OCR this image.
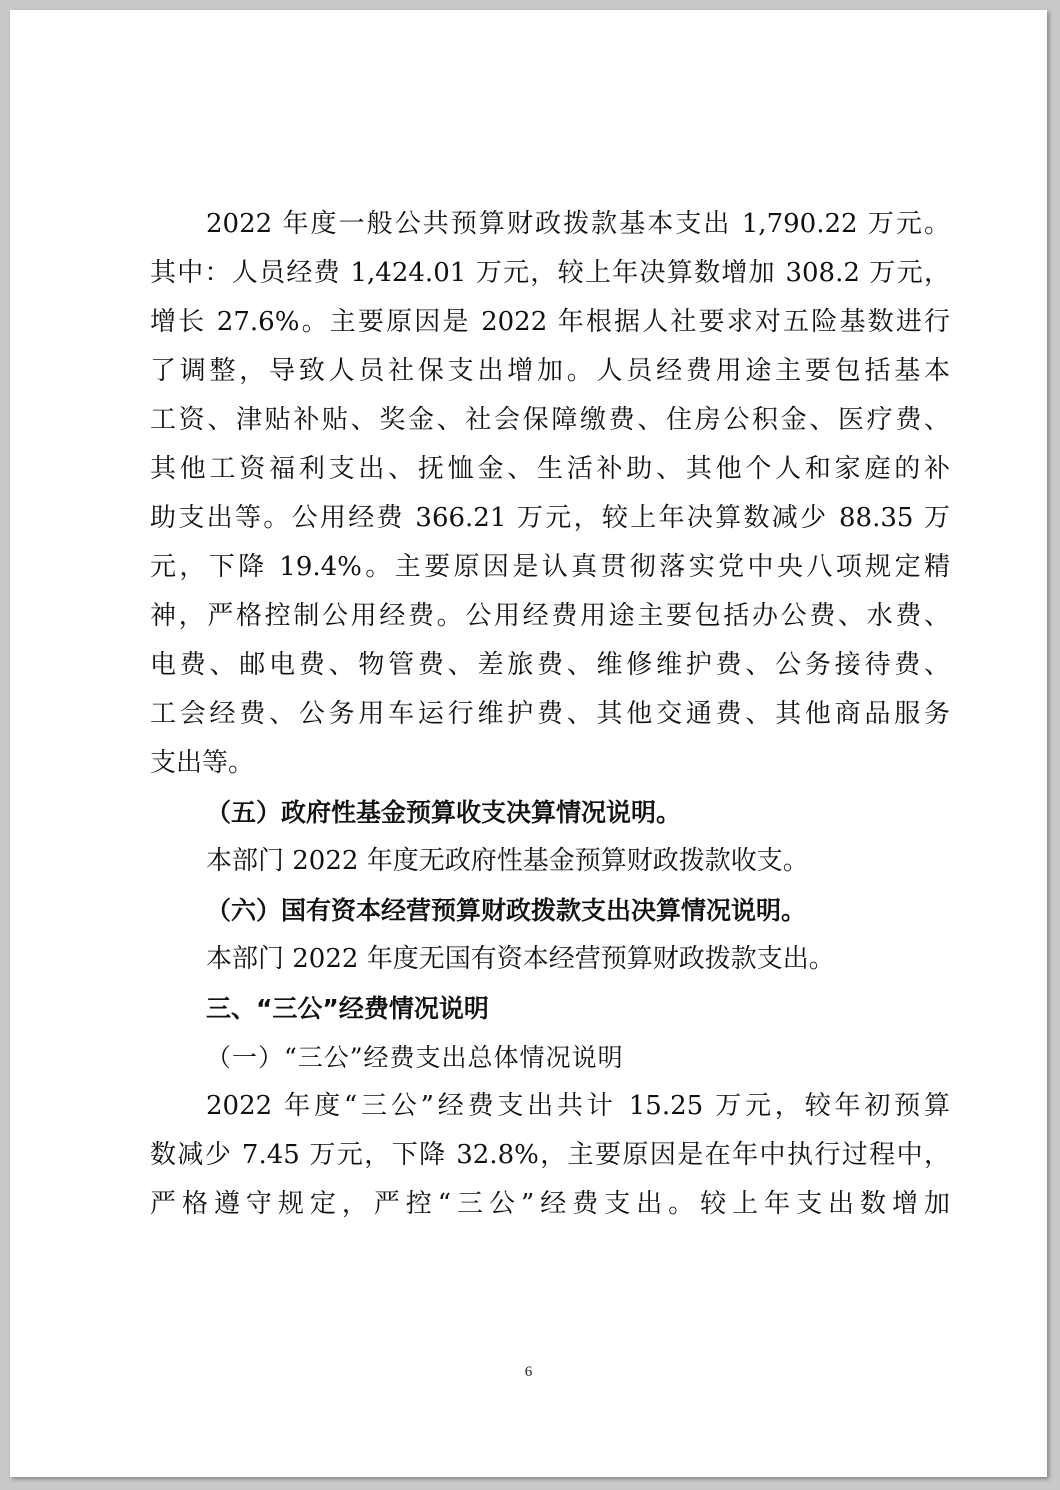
2022 年度一般公共预算财政拨款基本支出 1,790.22 万元。
其中：人员经费 1,424.01 万元，较上年决算数增加 308.2 万元，
增长 27.6%。主要原因是 2022 年根据人社要求对五险基数进行
了调整，导致人员社保支出增加。人员经费用途主要包括基本
工资、津贴补贴、奖金、社会保障缴费、住房公积金、医疗费、
其他工资福利支出、抚恤金、生活补助、其他个人和家庭的补
助支出等。公用经费 366.21 万元，较上年决算数减少 88.35 万
元，下降 19.4%。主要原因是认真贯彻落实党中央八项规定精
神，严格控制公用经费。公用经费用途主要包括办公费、水费、
电费、邮电费、物管费、差旅费、维修维护费、公务接待费、
工会经费、公务用车运行维护费、其他交通费、其他商品服务
支出等。
（五）政府性基金预算收支决算情况说明。
本部门 2022 年度无政府性基金预算财政拨款收支。
（六）国有资本经营预算财政拨款支出决算情况说明。
本部门 2022 年度无国有资本经营预算财政拨款支出。
三、“三公”经费情况说明
（一）“三公”经费支出总体情况说明
2022 年度“三公”经费支出共计 15.25 万元，较年初预算
数减少 7.45 万元，下降 32.8%，主要原因是在年中执行过程中，
严格遵守规定，严控“三公”经费支出。较上年支出数增加
6
